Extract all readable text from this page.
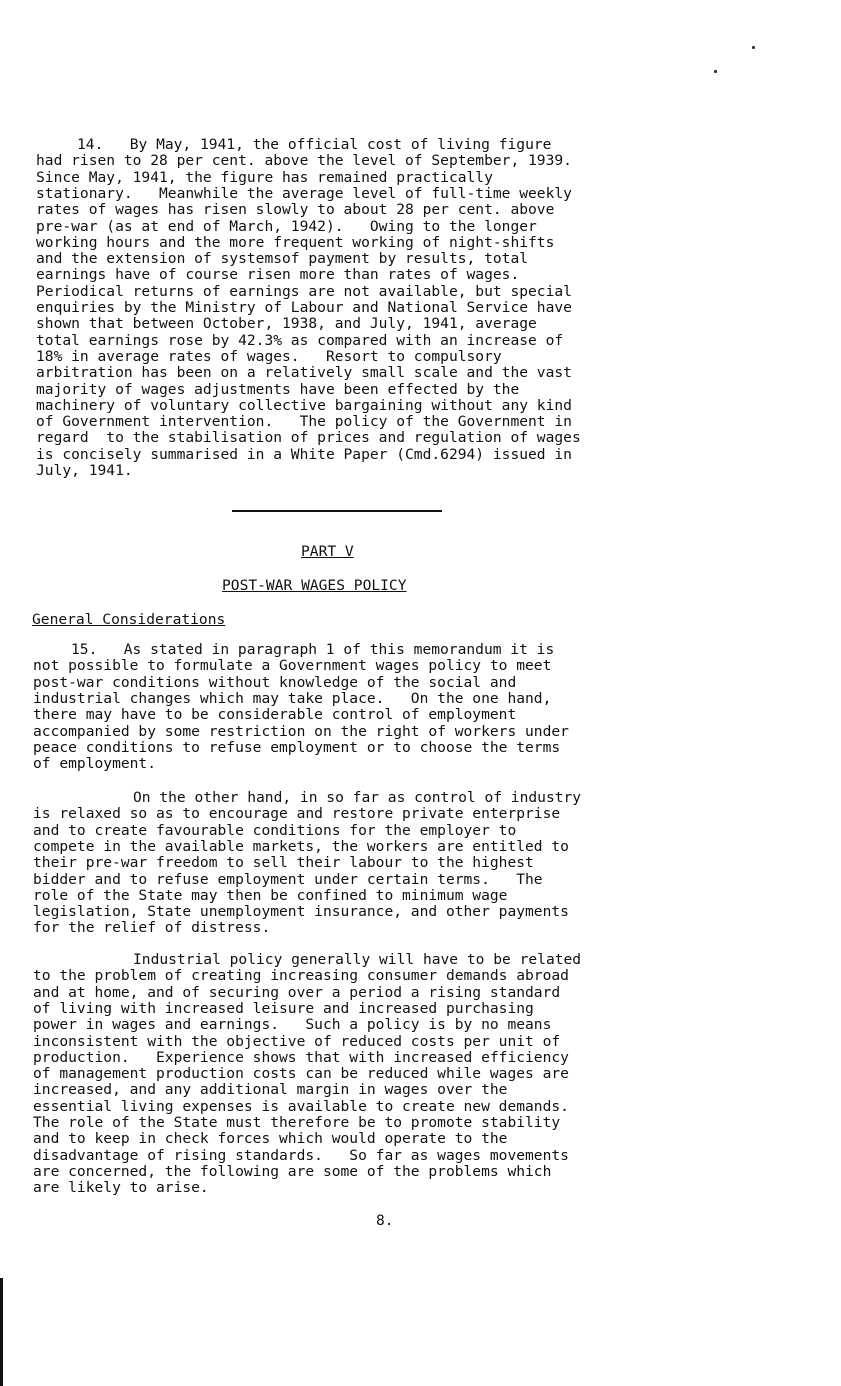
14.   By May, 1941, the official cost of living figure
had risen to 28 per cent. above the level of September, 1939.
Since May, 1941, the figure has remained practically
stationary.   Meanwhile the average level of full-time weekly
rates of wages has risen slowly to about 28 per cent. above
pre-war (as at end of March, 1942).   Owing to the longer
working hours and the more frequent working of night-shifts
and the extension of systemsof payment by results, total
earnings have of course risen more than rates of wages.
Periodical returns of earnings are not available, but special
enquiries by the Ministry of Labour and National Service have
shown that between October, 1938, and July, 1941, average
total earnings rose by 42.3% as compared with an increase of
18% in average rates of wages.   Resort to compulsory
arbitration has been on a relatively small scale and the vast
majority of wages adjustments have been effected by the
machinery of voluntary collective bargaining without any kind
of Government intervention.   The policy of the Government in
regard  to the stabilisation of prices and regulation of wages
is concisely summarised in a White Paper (Cmd.6294) issued in
July, 1941.
PART V
POST-WAR WAGES POLICY
General Considerations
15.   As stated in paragraph 1 of this memorandum it is
not possible to formulate a Government wages policy to meet
post-war conditions without knowledge of the social and
industrial changes which may take place.   On the one hand,
there may have to be considerable control of employment
accompanied by some restriction on the right of workers under
peace conditions to refuse employment or to choose the terms
of employment.
On the other hand, in so far as control of industry
is relaxed so as to encourage and restore private enterprise
and to create favourable conditions for the employer to
compete in the available markets, the workers are entitled to
their pre-war freedom to sell their labour to the highest
bidder and to refuse employment under certain terms.   The
role of the State may then be confined to minimum wage
legislation, State unemployment insurance, and other payments
for the relief of distress.
Industrial policy generally will have to be related
to the problem of creating increasing consumer demands abroad
and at home, and of securing over a period a rising standard
of living with increased leisure and increased purchasing
power in wages and earnings.   Such a policy is by no means
inconsistent with the objective of reduced costs per unit of
production.   Experience shows that with increased efficiency
of management production costs can be reduced while wages are
increased, and any additional margin in wages over the
essential living expenses is available to create new demands.
The role of the State must therefore be to promote stability
and to keep in check forces which would operate to the
disadvantage of rising standards.   So far as wages movements
are concerned, the following are some of the problems which
are likely to arise.
8.
